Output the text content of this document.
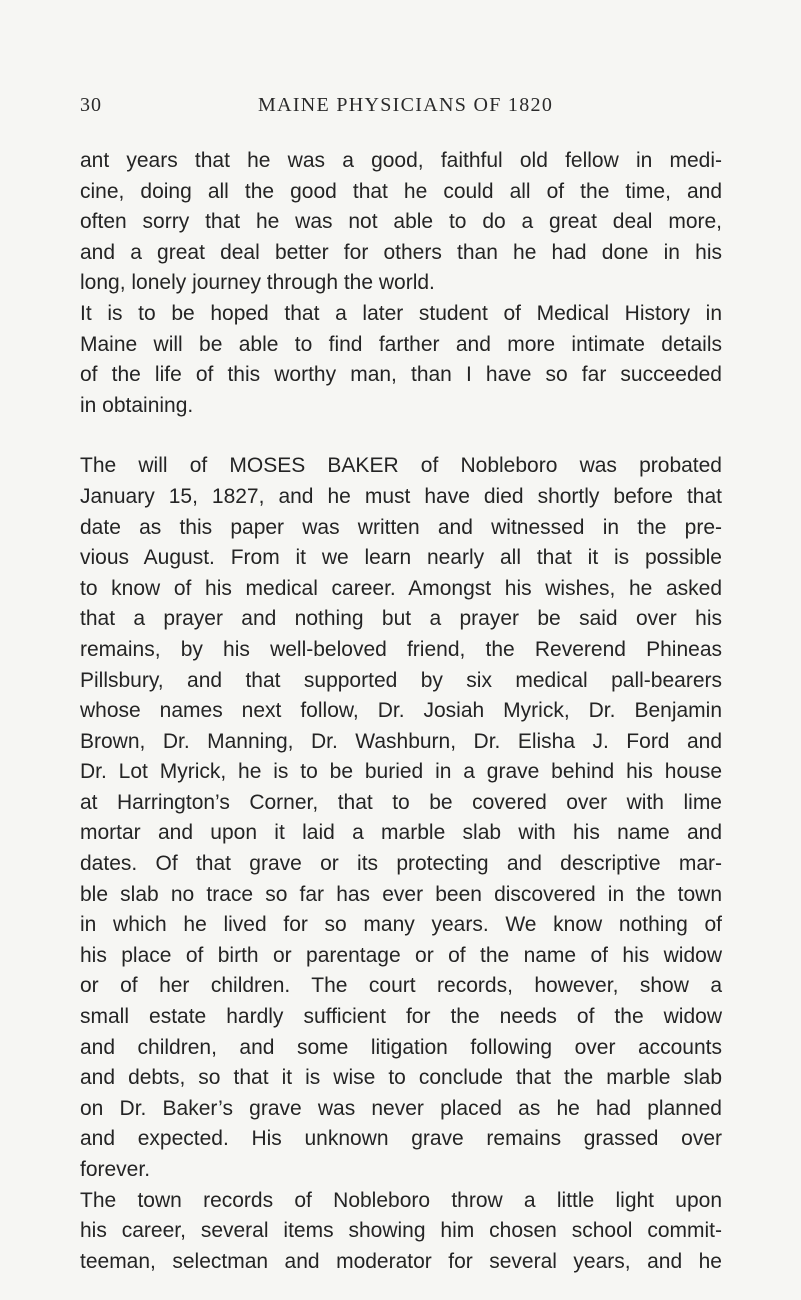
30	MAINE PHYSICIANS OF 1820
ant years that he was a good, faithful old fellow in medi-
cine, doing all the good that he could all of the time, and
often sorry that he was not able to do a great deal more,
and a great deal better for others than he had done in his
long, lonely journey through the world.
It is to be hoped that a later student of Medical History in
Maine will be able to find farther and more intimate details
of the life of this worthy man, than I have so far succeeded
in obtaining.
The will of MOSES BAKER of Nobleboro was probated
January 15, 1827, and he must have died shortly before that
date as this paper was written and witnessed in the pre-
vious August. From it we learn nearly all that it is possible
to know of his medical career. Amongst his wishes, he asked
that a prayer and nothing but a prayer be said over his
remains, by his well-beloved friend, the Reverend Phineas
Pillsbury, and that supported by six medical pall-bearers
whose names next follow, Dr. Josiah Myrick, Dr. Benjamin
Brown, Dr. Manning, Dr. Washburn, Dr. Elisha J. Ford and
Dr. Lot Myrick, he is to be buried in a grave behind his house
at Harrington’s Corner, that to be covered over with lime
mortar and upon it laid a marble slab with his name and
dates. Of that grave or its protecting and descriptive mar-
ble slab no trace so far has ever been discovered in the town
in which he lived for so many years. We know nothing of
his place of birth or parentage or of the name of his widow
or of her children. The court records, however, show a
small estate hardly sufficient for the needs of the widow
and children, and some litigation following over accounts
and debts, so that it is wise to conclude that the marble slab
on Dr. Baker’s grave was never placed as he had planned
and expected. His unknown grave remains grassed over
forever.
The town records of Nobleboro throw a little light upon
his career, several items showing him chosen school commit-
teeman, selectman and moderator for several years, and he
